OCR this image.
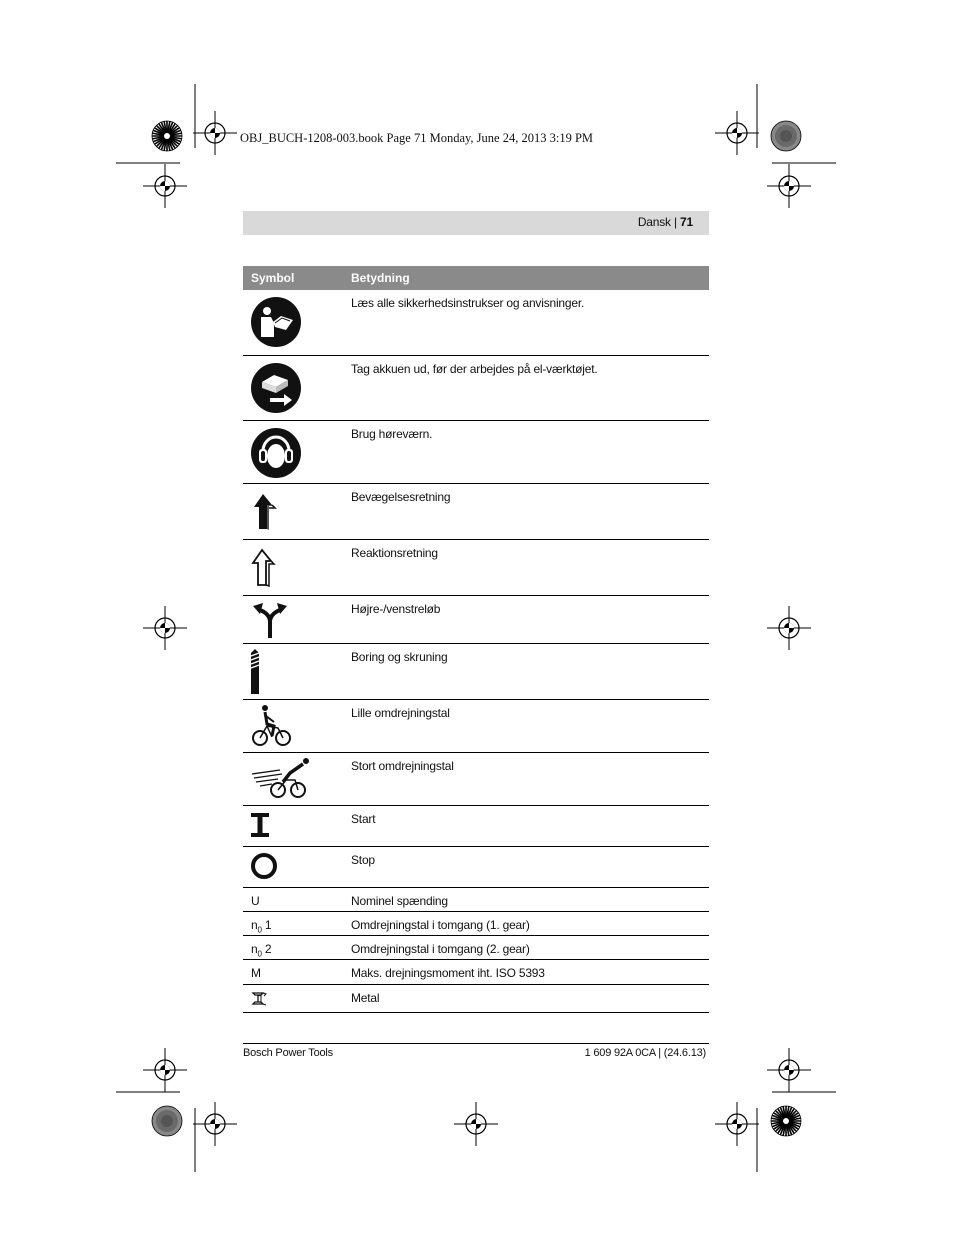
OBJ_BUCH-1208-003.book Page 71 Monday, June 24, 2013 3:19 PM
Dansk | 71
Symbol	Betydning
Læs alle sikkerhedsinstrukser og anvisninger.
Tag akkuen ud, før der arbejdes på el-værktøjet.
Brug høreværn.
Bevægelsesretning
Reaktionsretning
Højre-/venstreløb
Boring og skruning
Lille omdrejningstal
Stort omdrejningstal
Start
Stop
U	Nominel spænding
$n_0$ 1	Omdrejningstal i tomgang (1. gear)
$n_0$ 2	Omdrejningstal i tomgang (2. gear)
M	Maks. drejningsmoment iht. ISO 5393
Metal
Bosch Power Tools	1 609 92A 0CA | (24.6.13)
